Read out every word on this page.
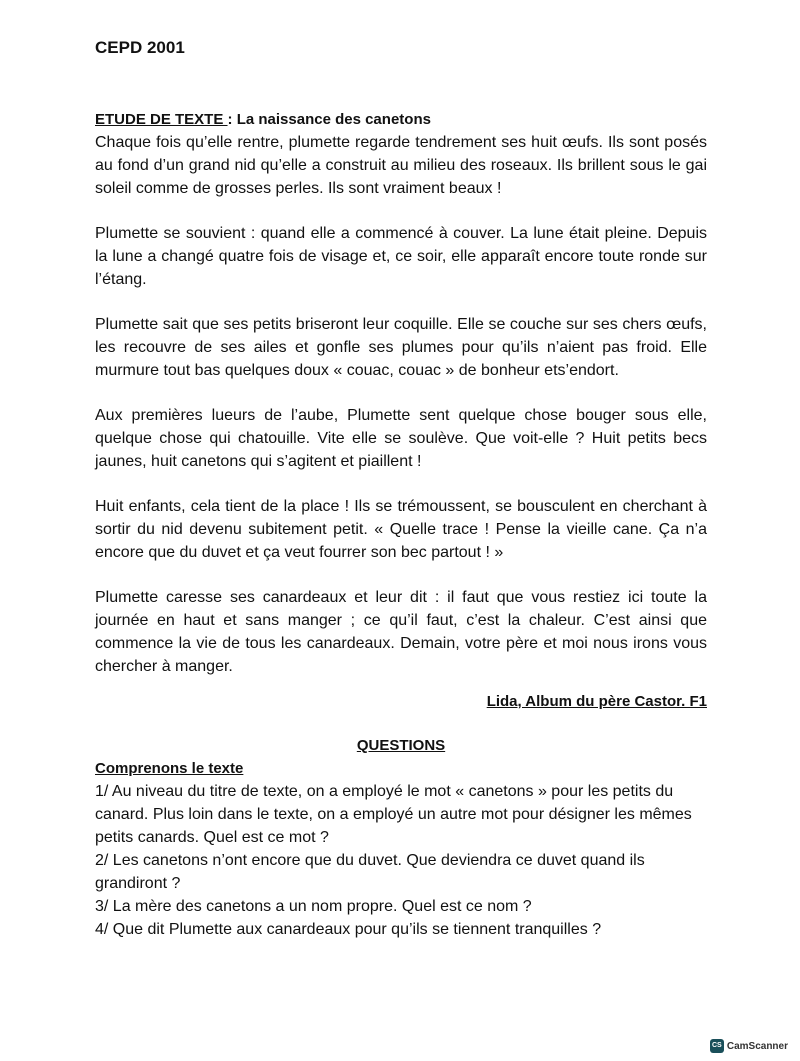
CEPD 2001
ETUDE DE TEXTE : La naissance des canetons

Chaque fois qu’elle rentre, plumette regarde tendrement ses huit œufs. Ils sont posés au fond d’un grand nid qu’elle a construit au milieu des roseaux. Ils brillent sous le gai soleil comme de grosses perles. Ils sont vraiment beaux !

Plumette se souvient : quand elle a commencé à couver. La lune était pleine. Depuis la lune a changé quatre fois de visage et, ce soir, elle apparaît encore toute ronde sur l’étang.

Plumette sait que ses petits briseront leur coquille. Elle se couche sur ses chers œufs, les recouvre de ses ailes et gonfle ses plumes pour qu’ils n’aient pas froid. Elle murmure tout bas quelques doux « couac, couac » de bonheur ets’endort.

Aux premières lueurs de l’aube, Plumette sent quelque chose bouger sous elle, quelque chose qui chatouille. Vite elle se soulève. Que voit-elle ? Huit petits becs jaunes, huit canetons qui s’agitent et piaillent !

Huit enfants, cela tient de la place ! Ils se trémoussent, se bousculent en cherchant à sortir du nid devenu subitement petit. « Quelle trace ! Pense la vieille cane. Ça n’a encore que du duvet et ça veut fourrer son bec partout ! »

Plumette caresse ses canardeaux et leur dit : il faut que vous restiez ici toute la journée en haut et sans manger ; ce qu’il faut, c’est la chaleur. C’est ainsi que commence la vie de tous les canardeaux. Demain, votre père et moi nous irons vous chercher à manger.

Lida, Album du père Castor. F1
QUESTIONS
Comprenons le texte

1/ Au niveau du titre de texte, on a employé le mot « canetons » pour les petits du canard. Plus loin dans le texte, on a employé un autre mot pour désigner les mêmes petits canards. Quel est ce mot ?

2/ Les canetons n’ont encore que du duvet. Que deviendra ce duvet quand ils grandiront ?

3/ La mère des canetons a un nom propre. Quel est ce nom ?

4/ Que dit Plumette aux canardeaux pour qu’ils se tiennent tranquilles ?

CS CamScanner
